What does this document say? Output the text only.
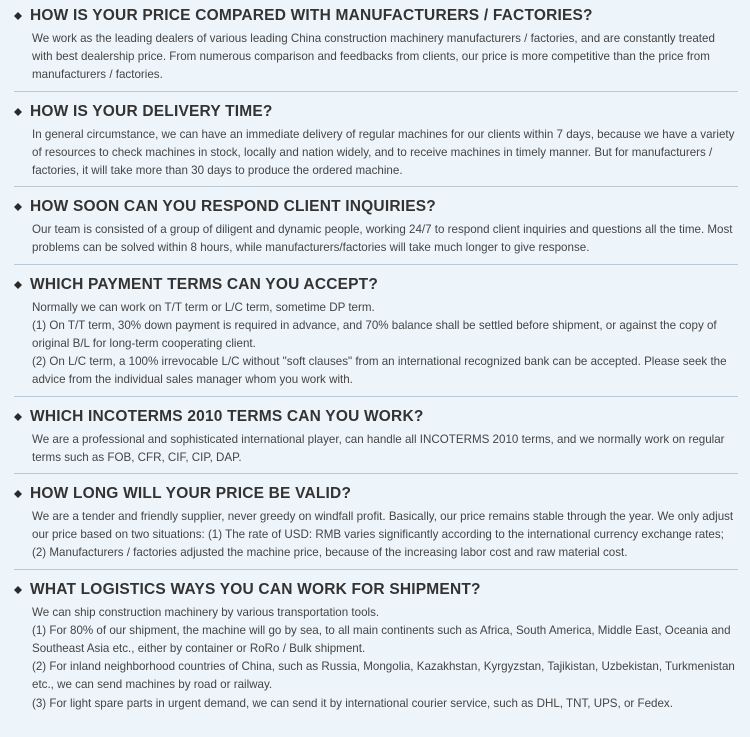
HOW IS YOUR PRICE COMPARED WITH MANUFACTURERS / FACTORIES?

We work as the leading dealers of various leading China construction machinery manufacturers / factories, and are constantly treated with best dealership price. From numerous comparison and feedbacks from clients, our price is more competitive than the price from manufacturers / factories.

HOW IS YOUR DELIVERY TIME?

In general circumstance, we can have an immediate delivery of regular machines for our clients within 7 days, because we have a variety of resources to check machines in stock, locally and nation widely, and to receive machines in timely manner. But for manufacturers / factories, it will take more than 30 days to produce the ordered machine.

HOW SOON CAN YOU RESPOND CLIENT INQUIRIES?

Our team is consisted of a group of diligent and dynamic people, working 24/7 to respond client inquiries and questions all the time. Most problems can be solved within 8 hours, while manufacturers/factories will take much longer to give response.

WHICH PAYMENT TERMS CAN YOU ACCEPT?

Normally we can work on T/T term or L/C term, sometime DP term.

(1) On T/T term, 30% down payment is required in advance, and 70% balance shall be settled before shipment, or against the copy of original B/L for long-term cooperating client.

(2) On L/C term, a 100% irrevocable L/C without "soft clauses" from an international recognized bank can be accepted. Please seek the advice from the individual sales manager whom you work with.

WHICH INCOTERMS 2010 TERMS CAN YOU WORK?

We are a professional and sophisticated international player, can handle all INCOTERMS 2010 terms, and we normally work on regular terms such as FOB, CFR, CIF, CIP, DAP.

HOW LONG WILL YOUR PRICE BE VALID?

We are a tender and friendly supplier, never greedy on windfall profit. Basically, our price remains stable through the year. We only adjust our price based on two situations: (1) The rate of USD: RMB varies significantly according to the international currency exchange rates; (2) Manufacturers / factories adjusted the machine price, because of the increasing labor cost and raw material cost.

WHAT LOGISTICS WAYS YOU CAN WORK FOR SHIPMENT?

We can ship construction machinery by various transportation tools.

(1) For 80% of our shipment, the machine will go by sea, to all main continents such as Africa, South America, Middle East, Oceania and Southeast Asia etc., either by container or RoRo / Bulk shipment.

(2) For inland neighborhood countries of China, such as Russia, Mongolia, Kazakhstan, Kyrgyzstan, Tajikistan, Uzbekistan, Turkmenistan etc., we can send machines by road or railway.

(3) For light spare parts in urgent demand, we can send it by international courier service, such as DHL, TNT, UPS, or Fedex.
